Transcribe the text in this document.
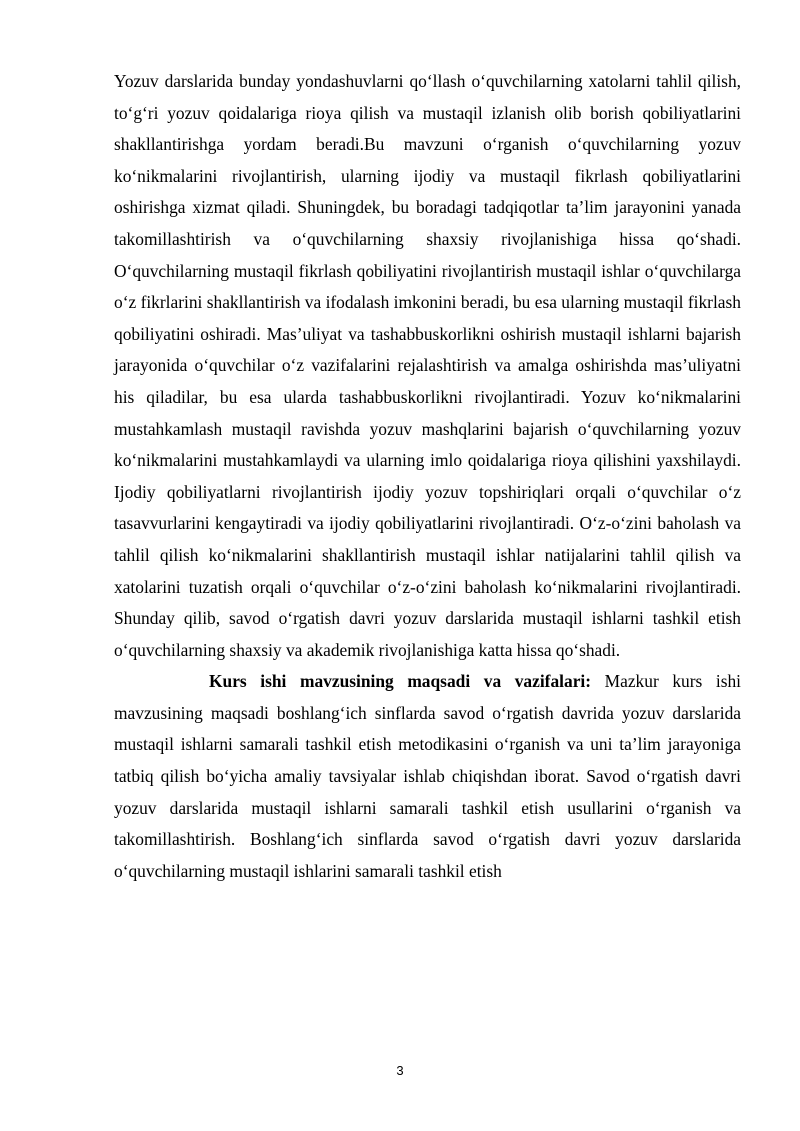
Yozuv darslarida bunday yondashuvlarni qo‘llash o‘quvchilarning xatolarni tahlil qilish, to‘g‘ri yozuv qoidalariga rioya qilish va mustaqil izlanish olib borish qobiliyatlarini shakllantirishga yordam beradi.Bu mavzuni o‘rganish o‘quvchilarning yozuv ko‘nikmalarini rivojlantirish, ularning ijodiy va mustaqil fikrlash qobiliyatlarini oshirishga xizmat qiladi. Shuningdek, bu boradagi tadqiqotlar ta’lim jarayonini yanada takomillashtirish va o‘quvchilarning shaxsiy rivojlanishiga hissa qo‘shadi. O‘quvchilarning mustaqil fikrlash qobiliyatini rivojlantirish mustaqil ishlar o‘quvchilarga o‘z fikrlarini shakllantirish va ifodalash imkonini beradi, bu esa ularning mustaqil fikrlash qobiliyatini oshiradi. Mas’uliyat va tashabbuskorlikni oshirish mustaqil ishlarni bajarish jarayonida o‘quvchilar o‘z vazifalarini rejalashtirish va amalga oshirishda mas’uliyatni his qiladilar, bu esa ularda tashabbuskorlikni rivojlantiradi. Yozuv ko‘nikmalarini mustahkamlash mustaqil ravishda yozuv mashqlarini bajarish o‘quvchilarning yozuv ko‘nikmalarini mustahkamlaydi va ularning imlo qoidalariga rioya qilishini yaxshilaydi. Ijodiy qobiliyatlarni rivojlantirish ijodiy yozuv topshiriqlari orqali o‘quvchilar o‘z tasavvurlarini kengaytiradi va ijodiy qobiliyatlarini rivojlantiradi. O‘z-o‘zini baholash va tahlil qilish ko‘nikmalarini shakllantirish mustaqil ishlar natijalarini tahlil qilish va xatolarini tuzatish orqali o‘quvchilar o‘z-o‘zini baholash ko‘nikmalarini rivojlantiradi. Shunday qilib, savod o‘rgatish davri yozuv darslarida mustaqil ishlarni tashkil etish o‘quvchilarning shaxsiy va akademik rivojlanishiga katta hissa qo‘shadi.

Kurs ishi mavzusining maqsadi va vazifalari: Mazkur kurs ishi mavzusining maqsadi boshlang‘ich sinflarda savod o‘rgatish davrida yozuv darslarida mustaqil ishlarni samarali tashkil etish metodikasini o‘rganish va uni ta’lim jarayoniga tatbiq qilish bo‘yicha amaliy tavsiyalar ishlab chiqishdan iborat. Savod o‘rgatish davri yozuv darslarida mustaqil ishlarni samarali tashkil etish usullarini o‘rganish va takomillashtirish. Boshlang‘ich sinflarda savod o‘rgatish davri yozuv darslarida o‘quvchilarning mustaqil ishlarini samarali tashkil etish

3
